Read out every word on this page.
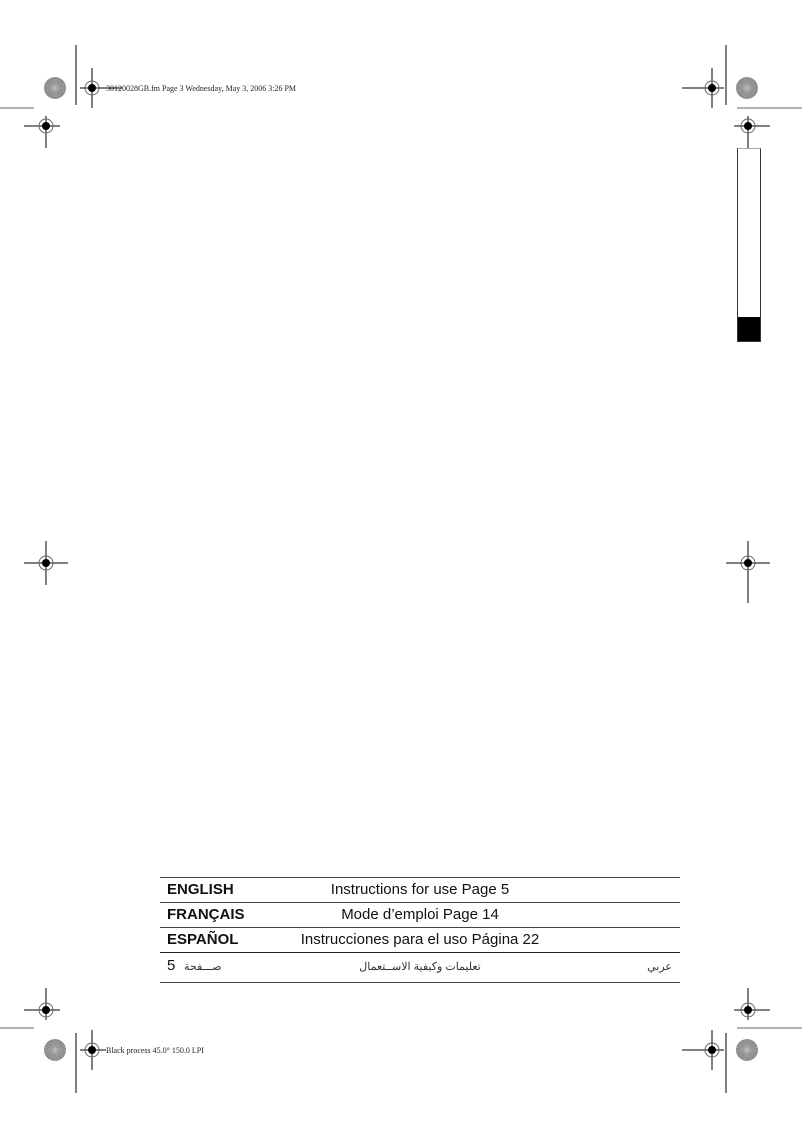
30120028GB.fm Page 3 Wednesday, May 3, 2006 3:26 PM
Black process 45.0° 150.0 LPI
ENGLISH	Instructions for use Page 5
FRANÇAIS	Mode d’emploi Page 14
ESPAÑOL	Instrucciones para el uso Página 22
5 صـــفحة	تعليمات وكيفية الاســتعمال	عربي
